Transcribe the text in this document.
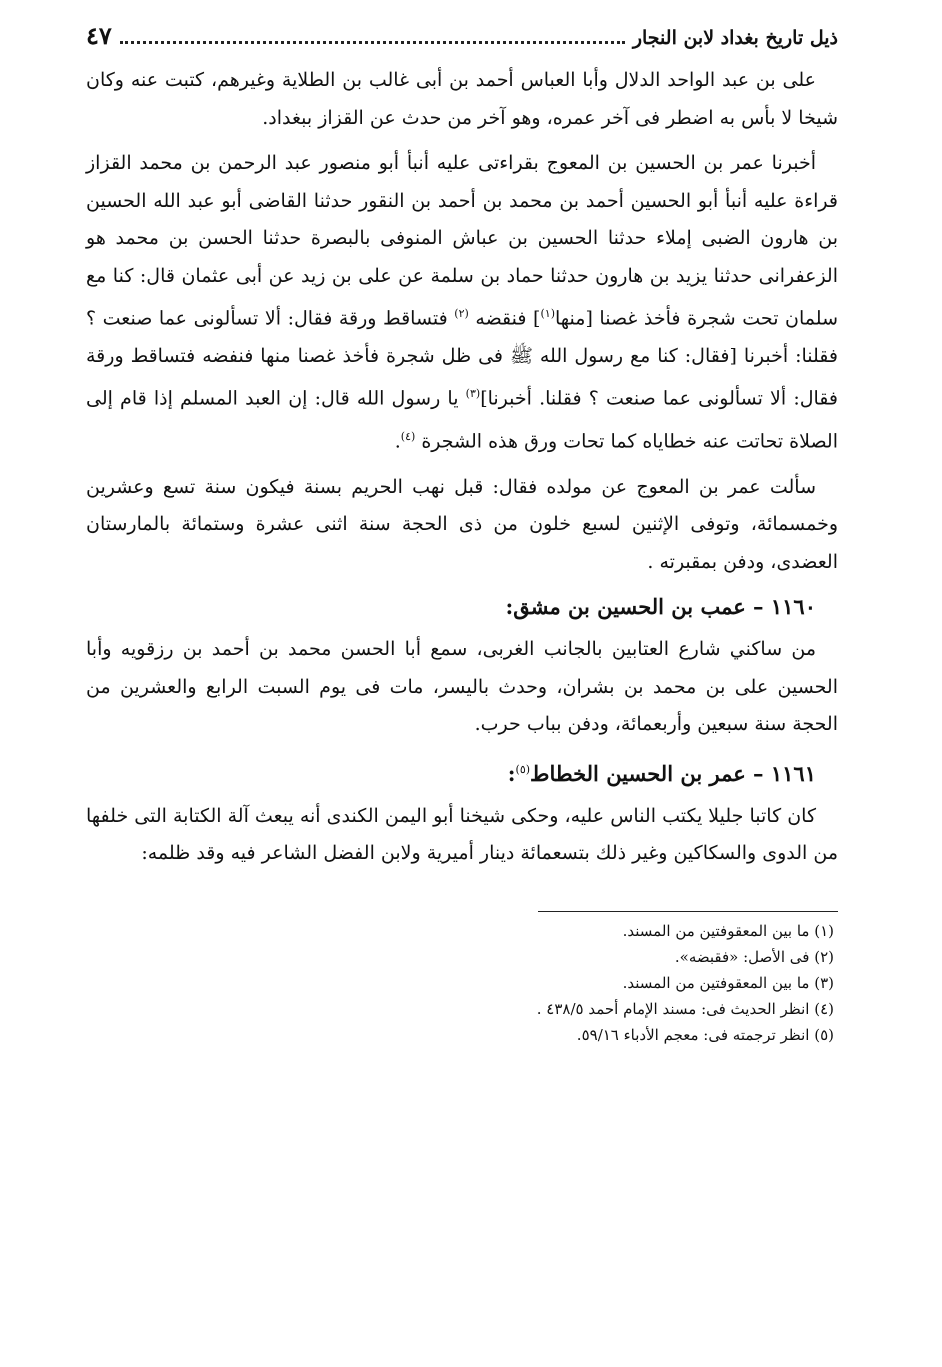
ذيل تاريخ بغداد لابن النجار
٤٧

على بن عبد الواحد الدلال وأبا العباس أحمد بن أبى غالب بن الطلاية وغيرهم، كتبت عنه وكان شيخا لا بأس به اضطر فى آخر عمره، وهو آخر من حدث عن القزاز ببغداد.

أخبرنا عمر بن الحسين بن المعوج بقراءتى عليه أنبأ أبو منصور عبد الرحمن بن محمد القزاز قراءة عليه أنبأ أبو الحسين أحمد بن محمد بن أحمد بن النقور حدثنا القاضى أبو عبد الله الحسين بن هارون الضبى إملاء حدثنا الحسين بن عباش المنوفى بالبصرة حدثنا الحسن بن محمد هو الزعفرانى حدثنا يزيد بن هارون حدثنا حماد بن سلمة عن على بن زيد عن أبى عثمان قال: كنا مع سلمان تحت شجرة فأخذ غصنا [منها$^{(١)}$] فنقضه $^{(٢)}$ فتساقط ورقة فقال: ألا تسألونى عما صنعت ؟ فقلنا: أخبرنا [فقال: كنا مع رسول الله ﷺ فى ظل شجرة فأخذ غصنا منها فنفضه فتساقط ورقة فقال: ألا تسألونى عما صنعت ؟ فقلنا. أخبرنا]$^{(٣)}$ يا رسول الله قال: إن العبد المسلم إذا قام إلى الصلاة تحاتت عنه خطاياه كما تحات ورق هذه الشجرة $^{(٤)}$.

سألت عمر بن المعوج عن مولده فقال: قبل نهب الحريم بسنة فيكون سنة تسع وعشرين وخمسمائة، وتوفى الإثنين لسبع خلون من ذى الحجة سنة اثنى عشرة وستمائة بالمارستان العضدى، ودفن بمقبرته .

١١٦٠ – عمب بن الحسين بن مشق:

من ساكني شارع العتابين بالجانب الغربى، سمع أبا الحسن محمد بن أحمد بن رزقويه وأبا الحسين على بن محمد بن بشران، وحدث باليسر، مات فى يوم السبت الرابع والعشرين من الحجة سنة سبعين وأربعمائة، ودفن بباب حرب.

١١٦١ – عمر بن الحسين الخطاط$^{(٥)}$:

كان كاتبا جليلا يكتب الناس عليه، وحكى شيخنا أبو اليمن الكندى أنه يبعث آلة الكتابة التى خلفها من الدوى والسكاكين وغير ذلك بتسعمائة دينار أميرية ولابن الفضل الشاعر فيه وقد ظلمه:

(١) ما بين المعقوفتين من المسند.
(٢) فى الأصل: «فقبضه».
(٣) ما بين المعقوفتين من المسند.
(٤) انظر الحديث فى: مسند الإمام أحمد ٤٣٨/٥ .
(٥) انظر ترجمته فى: معجم الأدباء ٥٩/١٦.
